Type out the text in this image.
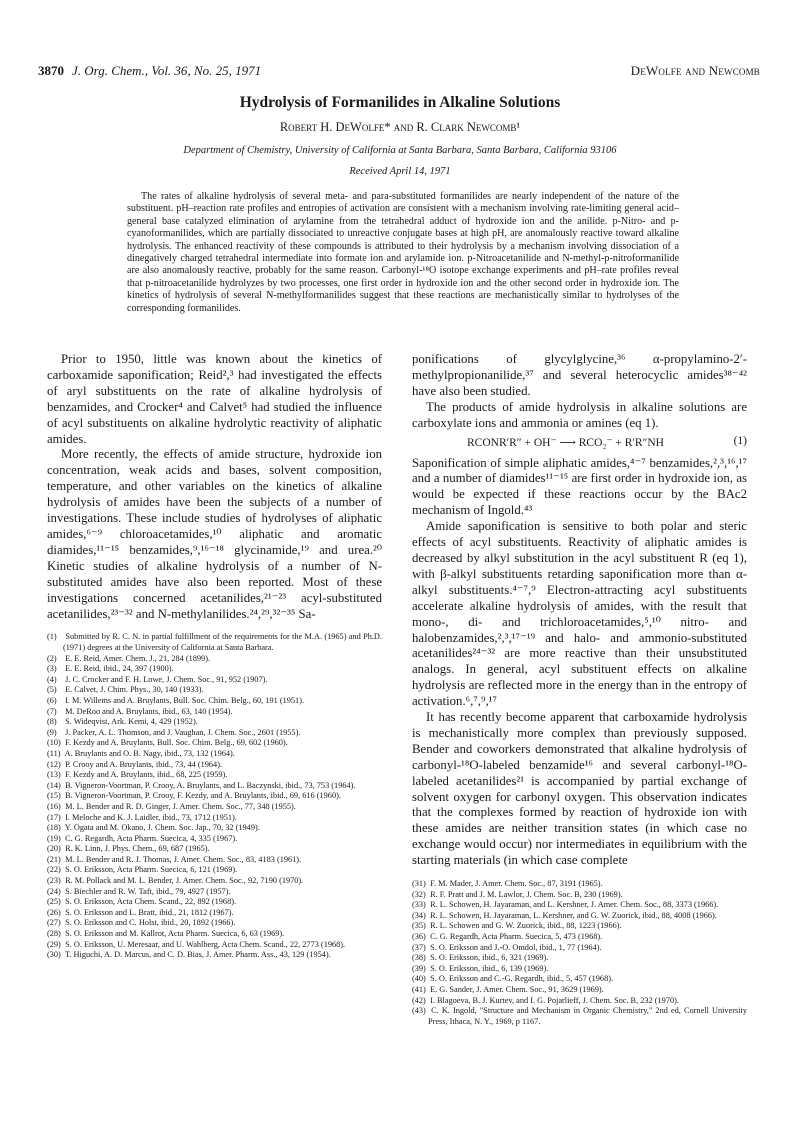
3870 J. Org. Chem., Vol. 36, No. 25, 1971	DeWolfe and Newcomb
Hydrolysis of Formanilides in Alkaline Solutions
Robert H. DeWolfe* and R. Clark Newcomb¹
Department of Chemistry, University of California at Santa Barbara, Santa Barbara, California 93106
Received April 14, 1971
The rates of alkaline hydrolysis of several meta- and para-substituted formanilides are nearly independent of the nature of the substituent. pH–reaction rate profiles and entropies of activation are consistent with a mechanism involving rate-limiting general acid–general base catalyzed elimination of arylamine from the tetrahedral adduct of hydroxide ion and the anilide. p-Nitro- and p-cyanoformanilides, which are partially dissociated to unreactive conjugate bases at high pH, are anomalously reactive toward alkaline hydrolysis. The enhanced reactivity of these compounds is attributed to their hydrolysis by a mechanism involving dissociation of a dinegatively charged tetrahedral intermediate into formate ion and arylamide ion. p-Nitroacetanilide and N-methyl-p-nitroformanilide are also anomalously reactive, probably for the same reason. Carbonyl-¹⁸O isotope exchange experiments and pH–rate profiles reveal that p-nitroacetanilide hydrolyzes by two processes, one first order in hydroxide ion and the other second order in hydroxide ion. The kinetics of hydrolysis of several N-methylformanilides suggest that these reactions are mechanistically similar to hydrolyses of the corresponding formanilides.

Prior to 1950, little was known about the kinetics of carboxamide saponification; Reid²,³ had investigated the effects of aryl substituents on the rate of alkaline hydrolysis of benzamides, and Crocker⁴ and Calvet⁵ had studied the influence of acyl substituents on alkaline hydrolytic reactivity of aliphatic amides.

More recently, the effects of amide structure, hydroxide ion concentration, weak acids and bases, solvent composition, temperature, and other variables on the kinetics of alkaline hydrolysis of amides have been the subjects of a number of investigations. These include studies of hydrolyses of aliphatic amides,⁶⁻⁹ chloroacetamides,¹⁰ aliphatic and aromatic diamides,¹¹⁻¹⁵ benzamides,⁹,¹⁶⁻¹⁸ glycinamide,¹⁹ and urea.²⁰ Kinetic studies of alkaline hydrolysis of a number of N-substituted amides have also been reported. Most of these investigations concerned acetanilides,²¹⁻²³ acyl-substituted acetanilides,²³⁻³² and N-methylanilides.²⁴,²⁹,³²⁻³⁵ Sa-

(1) Submitted by R. C. N. in partial fulfillment of the requirements for the M.A. (1965) and Ph.D. (1971) degrees at the University of California at Santa Barbara.

(2) E. E. Reid, Amer. Chem. J., 21, 284 (1899).

(3) E. E. Reid, ibid., 24, 397 (1900).

(4) J. C. Crocker and F. H. Lowe, J. Chem. Soc., 91, 952 (1907).

(5) E. Calvet, J. Chim. Phys., 30, 140 (1933).

(6) I. M. Willems and A. Bruylants, Bull. Soc. Chim. Belg., 60, 191 (1951).

(7) M. DeRoo and A. Bruylants, ibid., 63, 140 (1954).

(8) S. Wideqvist, Ark. Kemi, 4, 429 (1952).

(9) J. Packer, A. L. Thomson, and J. Vaughan, J. Chem. Soc., 2601 (1955).

(10) F. Kezdy and A. Bruylants, Bull. Soc. Chim. Belg., 69, 602 (1960).

(11) A. Bruylants and O. B. Nagy, ibid., 73, 132 (1964).

(12) P. Crooy and A. Bruylants, ibid., 73, 44 (1964).

(13) F. Kezdy and A. Bruylants, ibid., 68, 225 (1959).

(14) B. Vigneron-Voortman, P. Crooy, A. Bruylants, and L. Baczynski, ibid., 73, 753 (1964).

(15) B. Vigneron-Voortman, P. Crooy, F. Kezdy, and A. Bruylants, ibid., 69, 616 (1960).

(16) M. L. Bender and R. D. Ginger, J. Amer. Chem. Soc., 77, 348 (1955).

(17) I. Meloche and K. J. Laidler, ibid., 73, 1712 (1951).

(18) Y. Ogata and M. Okano, J. Chem. Soc. Jap., 70, 32 (1949).

(19) C. G. Regardh, Acta Pharm. Suecica, 4, 335 (1967).

(20) R. K. Linn, J. Phys. Chem., 69, 687 (1965).

(21) M. L. Bender and R. J. Thomas, J. Amer. Chem. Soc., 83, 4183 (1961).

(22) S. O. Eriksson, Acta Pharm. Suecica, 6, 121 (1969).

(23) R. M. Pollack and M. L. Bender, J. Amer. Chem. Soc., 92, 7190 (1970).

(24) S. Biechler and R. W. Taft, ibid., 79, 4927 (1957).

(25) S. O. Eriksson, Acta Chem. Scand., 22, 892 (1968).

(26) S. O. Eriksson and L. Bratt, ibid., 21, 1812 (1967).

(27) S. O. Eriksson and C. Holst, ibid., 20, 1892 (1966).

(28) S. O. Eriksson and M. Kallrot, Acta Pharm. Suecica, 6, 63 (1969).

(29) S. O. Eriksson, U. Meresaar, and U. Wahlberg, Acta Chem. Scand., 22, 2773 (1968).

(30) T. Higuchi, A. D. Marcus, and C. D. Bias, J. Amer. Pharm. Ass., 43, 129 (1954).

ponifications of glycylglycine,³⁶ α-propylamino-2′-methylpropionanilide,³⁷ and several heterocyclic amides³⁸⁻⁴² have also been studied.

The products of amide hydrolysis in alkaline solutions are carboxylate ions and ammonia or amines (eq 1).

RCONR′R″ + OH⁻ ⟶ RCO₂⁻ + R′R″NH	(1)

Saponification of simple aliphatic amides,⁴⁻⁷ benzamides,²,³,¹⁶,¹⁷ and a number of diamides¹¹⁻¹⁵ are first order in hydroxide ion, as would be expected if these reactions occur by the BAc2 mechanism of Ingold.⁴³

Amide saponification is sensitive to both polar and steric effects of acyl substituents. Reactivity of aliphatic amides is decreased by alkyl substitution in the acyl substituent R (eq 1), with β-alkyl substituents retarding saponification more than α-alkyl substituents.⁴⁻⁷,⁹ Electron-attracting acyl substituents accelerate alkaline hydrolysis of amides, with the result that mono-, di- and trichloroacetamides,⁵,¹⁰ nitro- and halobenzamides,²,³,¹⁷⁻¹⁹ and halo- and ammonio-substituted acetanilides²⁴⁻³² are more reactive than their unsubstituted analogs. In general, acyl substituent effects on alkaline hydrolysis are reflected more in the energy than in the entropy of activation.⁶,⁷,⁹,¹⁷

It has recently become apparent that carboxamide hydrolysis is mechanistically more complex than previously supposed. Bender and coworkers demonstrated that alkaline hydrolysis of carbonyl-¹⁸O-labeled benzamide¹⁶ and several carbonyl-¹⁸O-labeled acetanilides²¹ is accompanied by partial exchange of solvent oxygen for carbonyl oxygen. This observation indicates that the complexes formed by reaction of hydroxide ion with these amides are neither transition states (in which case no exchange would occur) nor intermediates in equilibrium with the starting materials (in which case complete

(31) F. M. Mader, J. Amer. Chem. Soc., 87, 3191 (1965).

(32) R. F. Pratt and J. M. Lawlor, J. Chem. Soc. B, 230 (1969).

(33) R. L. Schowen, H. Jayaraman, and L. Kershner, J. Amer. Chem. Soc., 88, 3373 (1966).

(34) R. L. Schowen, H. Jayaraman, L. Kershner, and G. W. Zuorick, ibid., 88, 4008 (1966).

(35) R. L. Schowen and G. W. Zuorick, ibid., 88, 1223 (1966).

(36) C. G. Regardh, Acta Pharm. Suecica, 5, 473 (1968).

(37) S. O. Eriksson and J.-O. Omdol, ibid., 1, 77 (1964).

(38) S. O. Eriksson, ibid., 6, 321 (1969).

(39) S. O. Eriksson, ibid., 6, 139 (1969).

(40) S. O. Eriksson and C.-G. Regardh, ibid., 5, 457 (1968).

(41) E. G. Sander, J. Amer. Chem. Soc., 91, 3629 (1969).

(42) I. Blagoeva, B. J. Kurtev, and I. G. Pojarlieff, J. Chem. Soc. B, 232 (1970).

(43) C. K. Ingold, "Structure and Mechanism in Organic Chemistry," 2nd ed, Cornell University Press, Ithaca, N. Y., 1969, p 1167.
